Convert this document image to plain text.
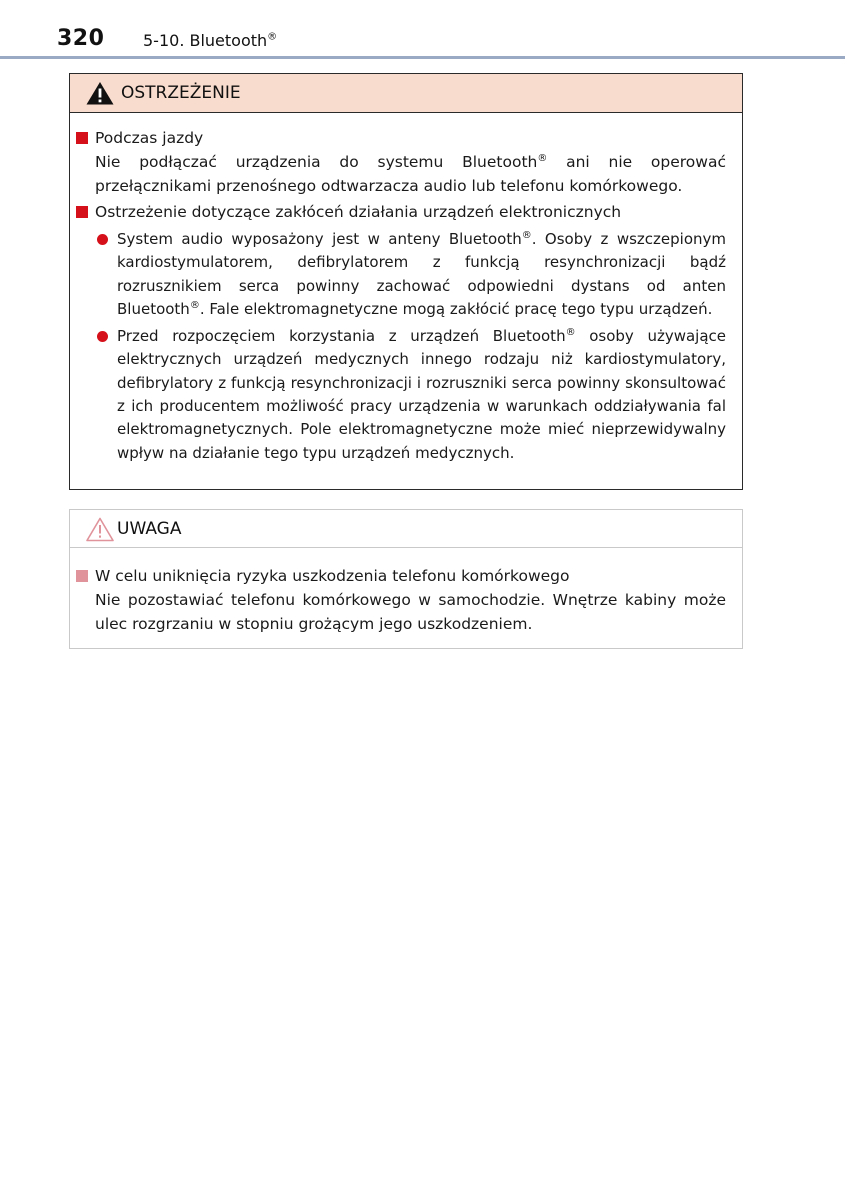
320 5-10. Bluetooth®
OSTRZEŻENIE
Podczas jazdy
Nie podłączać urządzenia do systemu Bluetooth® ani nie operować przełącznikami przenośnego odtwarzacza audio lub telefonu komórkowego.
Ostrzeżenie dotyczące zakłóceń działania urządzeń elektronicznych
System audio wyposażony jest w anteny Bluetooth®. Osoby z wszczepionym kardiostymulatorem, defibrylatorem z funkcją resynchronizacji bądź rozrusznikiem serca powinny zachować odpowiedni dystans od anten Bluetooth®. Fale elektromagnetyczne mogą zakłócić pracę tego typu urządzeń.
Przed rozpoczęciem korzystania z urządzeń Bluetooth® osoby używające elektrycznych urządzeń medycznych innego rodzaju niż kardiostymulatory, defibrylatory z funkcją resynchronizacji i rozruszniki serca powinny skonsultować z ich producentem możliwość pracy urządzenia w warunkach oddziaływania fal elektromagnetycznych. Pole elektromagnetyczne może mieć nieprzewidywalny wpływ na działanie tego typu urządzeń medycznych.
UWAGA
W celu uniknięcia ryzyka uszkodzenia telefonu komórkowego
Nie pozostawiać telefonu komórkowego w samochodzie. Wnętrze kabiny może ulec rozgrzaniu w stopniu grożącym jego uszkodzeniem.
